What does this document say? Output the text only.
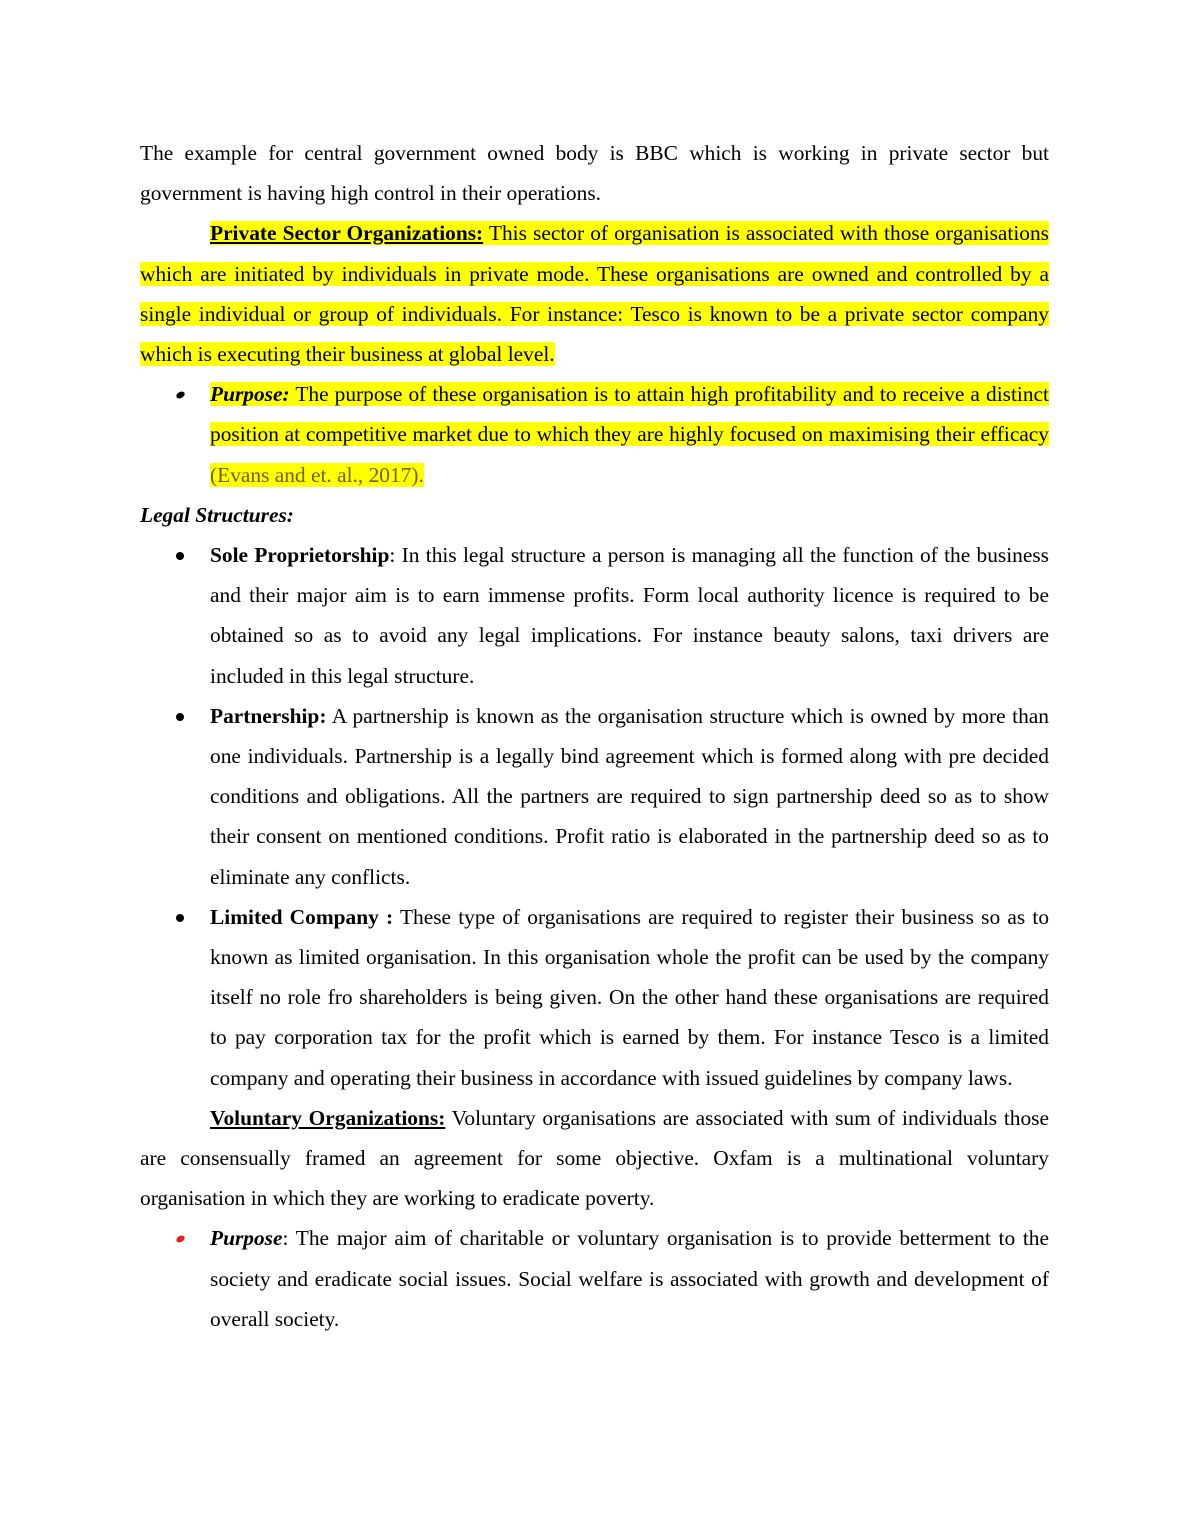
The example for central government owned body is BBC which is working in private sector but government is having high control in their operations.

Private Sector Organizations: This sector of organisation is associated with those organisations which are initiated by individuals in private mode. These organisations are owned and controlled by a single individual or group of individuals. For instance: Tesco is known to be a private sector company which is executing their business at global level.

Purpose: The purpose of these organisation is to attain high profitability and to receive a distinct position at competitive market due to which they are highly focused on maximising their efficacy (Evans and et. al., 2017).

Legal Structures:

Sole Proprietorship: In this legal structure a person is managing all the function of the business and their major aim is to earn immense profits. Form local authority licence is required to be obtained so as to avoid any legal implications. For instance beauty salons, taxi drivers are included in this legal structure.
Partnership: A partnership is known as the organisation structure which is owned by more than one individuals. Partnership is a legally bind agreement which is formed along with pre decided conditions and obligations. All the partners are required to sign partnership deed so as to show their consent on mentioned conditions. Profit ratio is elaborated in the partnership deed so as to eliminate any conflicts.
Limited Company : These type of organisations are required to register their business so as to known as limited organisation. In this organisation whole the profit can be used by the company itself no role fro shareholders is being given. On the other hand these organisations are required to pay corporation tax for the profit which is earned by them. For instance Tesco is a limited company and operating their business in accordance with issued guidelines by company laws.

Voluntary Organizations: Voluntary organisations are associated with sum of individuals those are consensually framed an agreement for some objective. Oxfam is a multinational voluntary organisation in which they are working to eradicate poverty.

Purpose: The major aim of charitable or voluntary organisation is to provide betterment to the society and eradicate social issues. Social welfare is associated with growth and development of overall society.
